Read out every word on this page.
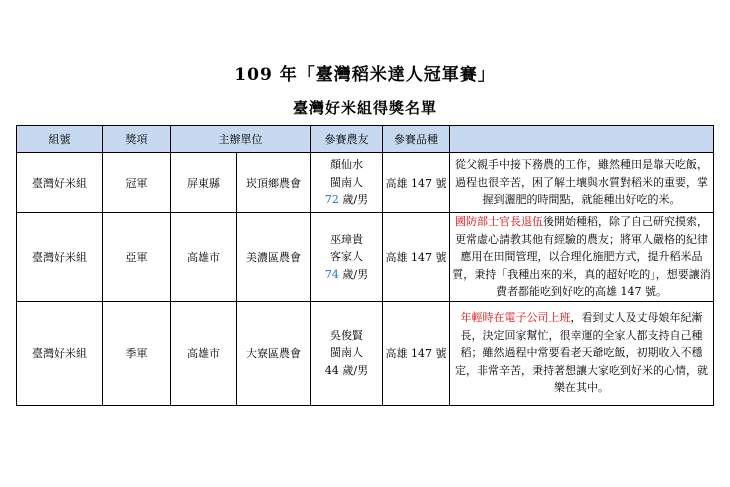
109 年「臺灣稻米達人冠軍賽」
臺灣好米組得獎名單
組號	獎項	主辦單位		參賽農友	參賽品種	
臺灣好米組	冠軍	屏東縣	崁頂鄉農會	顏仙水
閩南人
72 歲/男	高雄 147 號	從父親手中接下務農的工作，雖然種田是靠天吃飯，過程也很辛苦，困了解土壤與水質對稻米的重要，掌握到灑肥的時間點，就能種出好吃的米。
臺灣好米組	亞軍	高雄市	美濃區農會	巫璋貴
客家人
74 歲/男	高雄 147 號	國防部士官長退伍後開始種稻，除了自己研究摸索，更常虛心請教其他有經驗的農友；將軍人嚴格的紀律應用在田間管理，以合理化施肥方式，提升稻米品質，秉持「我種出來的米，真的超好吃的」，想要讓消費者都能吃到好吃的高雄 147 號。
臺灣好米組	季軍	高雄市	大寮區農會	吳俊賢
閩南人
44 歲/男	高雄 147 號	年輕時在電子公司上班，看到丈人及丈母娘年紀漸長，決定回家幫忙，很幸運的全家人都支持自己種稻；雖然過程中常要看老天爺吃飯，初期收入不穩定，非常辛苦，秉持著想讓大家吃到好米的心情，就樂在其中。
